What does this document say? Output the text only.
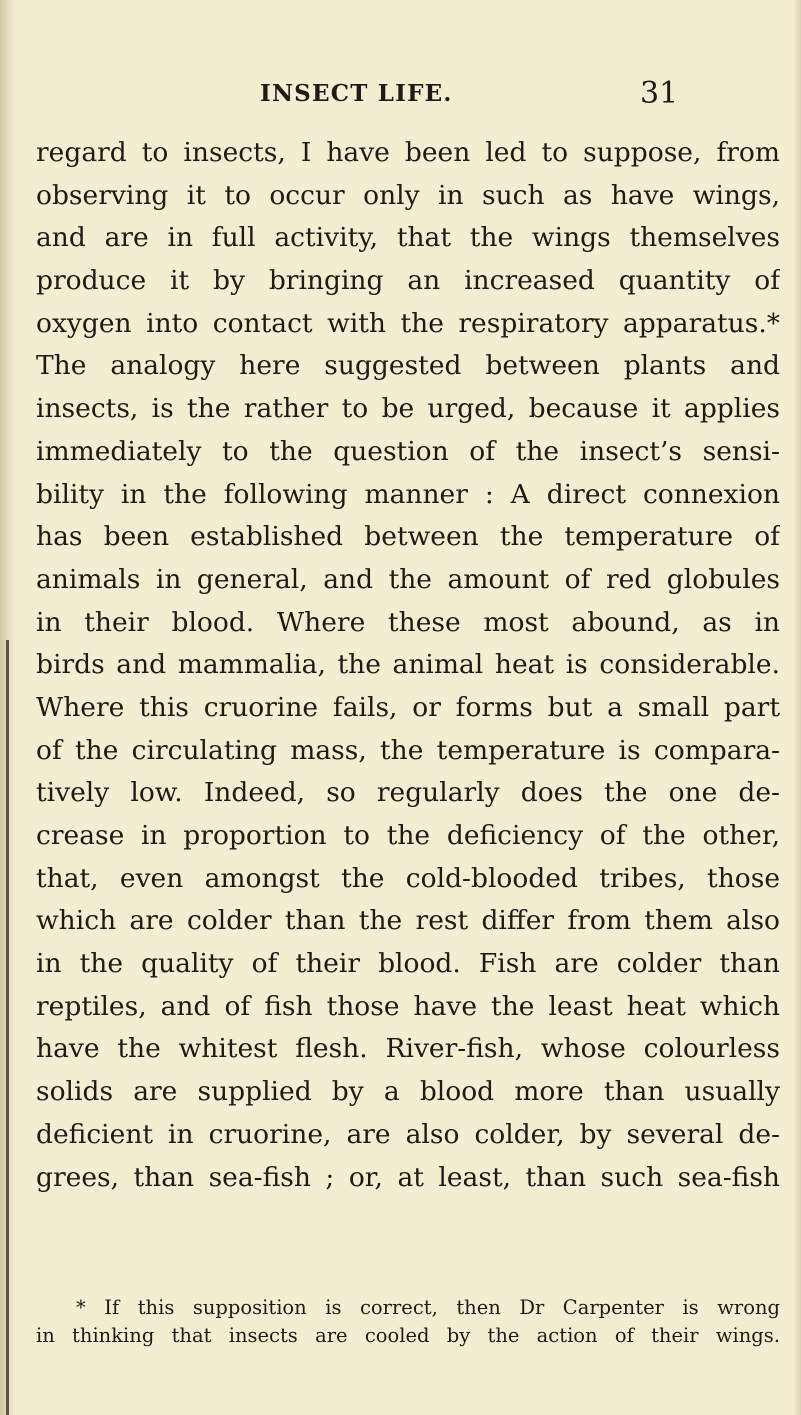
INSECT LIFE.	31
regard to insects, I have been led to suppose, from
observing it to occur only in such as have wings,
and are in full activity, that the wings themselves
produce it by bringing an increased quantity of
oxygen into contact with the respiratory apparatus.*
The analogy here suggested between plants and
insects, is the rather to be urged, because it applies
immediately to the question of the insect’s sensi-
bility in the following manner : A direct connexion
has been established between the temperature of
animals in general, and the amount of red globules
in their blood. Where these most abound, as in
birds and mammalia, the animal heat is considerable.
Where this cruorine fails, or forms but a small part
of the circulating mass, the temperature is compara-
tively low. Indeed, so regularly does the one de-
crease in proportion to the deficiency of the other,
that, even amongst the cold-blooded tribes, those
which are colder than the rest differ from them also
in the quality of their blood. Fish are colder than
reptiles, and of fish those have the least heat which
have the whitest flesh. River-fish, whose colourless
solids are supplied by a blood more than usually
deficient in cruorine, are also colder, by several de-
grees, than sea-fish ; or, at least, than such sea-fish
* If this supposition is correct, then Dr Carpenter is wrong
in thinking that insects are cooled by the action of their wings.
